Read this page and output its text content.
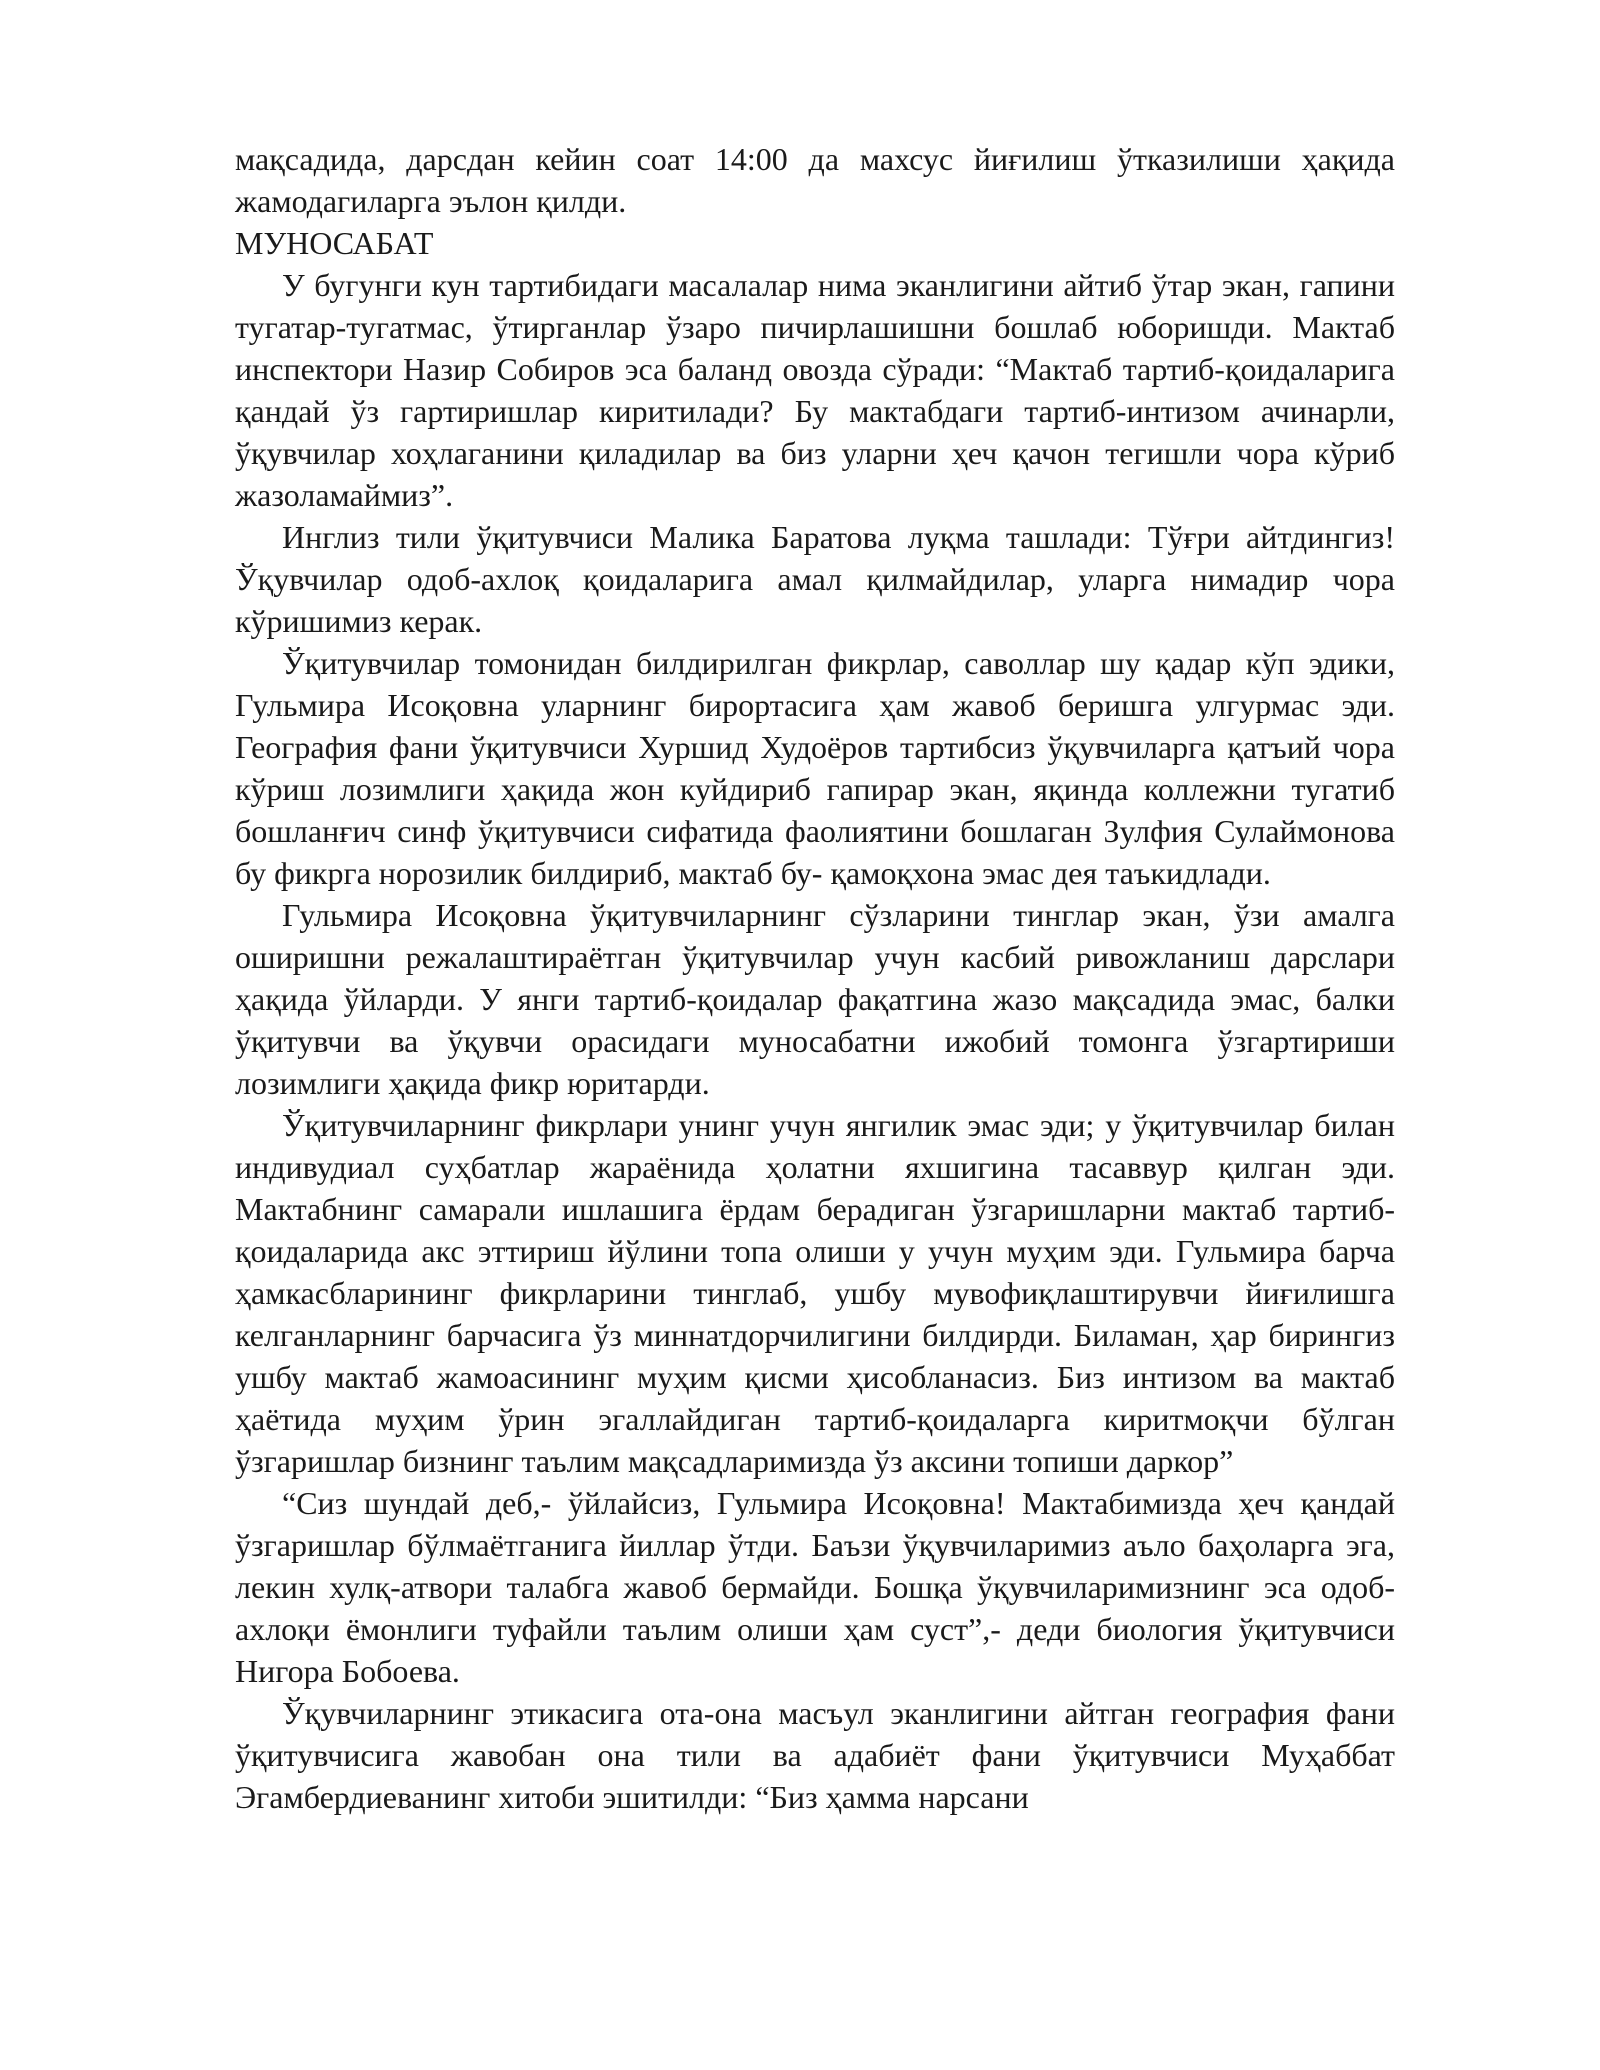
мақсадида, дарсдан кейин соат 14:00 да махсус йиғилиш ўтказилиши ҳақида жамодагиларга эълон қилди.

МУНОСАБАТ

У бугунги кун тартибидаги масалалар нима эканлигини айтиб ўтар экан, гапини тугатар-тугатмас, ўтирганлар ўзаро пичирлашишни бошлаб юборишди. Мактаб инспектори Назир Собиров эса баланд овозда сўради: “Мактаб тартиб-қоидаларига қандай ўз гартиришлар киритилади? Бу мактабдаги тартиб-интизом ачинарли, ўқувчилар хоҳлаганини қиладилар ва биз уларни ҳеч қачон тегишли чора кўриб жазоламаймиз”.

Инглиз тили ўқитувчиси Малика Баратова луқма ташлади: Тўғри айтдингиз! Ўқувчилар одоб-ахлоқ қоидаларига амал қилмайдилар, уларга нимадир чора кўришимиз керак.

Ўқитувчилар томонидан билдирилган фикрлар, саволлар шу қадар кўп эдики, Гульмира Исоқовна уларнинг бирортасига ҳам жавоб беришга улгурмас эди. География фани ўқитувчиси Хуршид Худоёров тартибсиз ўқувчиларга қатъий чора кўриш лозимлиги ҳақида жон куйдириб гапирар экан, яқинда коллежни тугатиб бошланғич синф ўқитувчиси сифатида фаолиятини бошлаган Зулфия Сулаймонова бу фикрга норозилик билдириб, мактаб бу- қамоқхона эмас дея таъкидлади.

Гульмира Исоқовна ўқитувчиларнинг сўзларини тинглар экан, ўзи амалга оширишни режалаштираётган ўқитувчилар учун касбий ривожланиш дарслари ҳақида ўйларди. У янги тартиб-қоидалар фақатгина жазо мақсадида эмас, балки ўқитувчи ва ўқувчи орасидаги муносабатни ижобий томонга ўзгартириши лозимлиги ҳақида фикр юритарди.

Ўқитувчиларнинг фикрлари унинг учун янгилик эмас эди; у ўқитувчилар билан индивудиал суҳбатлар жараёнида ҳолатни яхшигина тасаввур қилган эди. Мактабнинг самарали ишлашига ёрдам берадиган ўзгаришларни мактаб тартиб-қоидаларида акс эттириш йўлини топа олиши у учун муҳим эди. Гульмира барча ҳамкасбларининг фикрларини тинглаб, ушбу мувофиқлаштирувчи йиғилишга келганларнинг барчасига ўз миннатдорчилигини билдирди. Биламан, ҳар бирингиз ушбу мактаб жамоасининг муҳим қисми ҳисобланасиз. Биз интизом ва мактаб ҳаётида муҳим ўрин эгаллайдиган тартиб-қоидаларга киритмоқчи бўлган ўзгаришлар бизнинг таълим мақсадларимизда ўз аксини топиши даркор”

“Сиз шундай деб,- ўйлайсиз, Гульмира Исоқовна! Мактабимизда ҳеч қандай ўзгаришлар бўлмаётганига йиллар ўтди. Баъзи ўқувчиларимиз аъло баҳоларга эга, лекин хулқ-атвори талабга жавоб бермайди. Бошқа ўқувчиларимизнинг эса одоб-ахлоқи ёмонлиги туфайли таълим олиши ҳам суст”,- деди биология ўқитувчиси Нигора Бобоева.

Ўқувчиларнинг этикасига ота-она масъул эканлигини айтган география фани ўқитувчисига жавобан она тили ва адабиёт фани ўқитувчиси Муҳаббат Эгамбердиеванинг хитоби эшитилди: “Биз ҳамма нарсани
